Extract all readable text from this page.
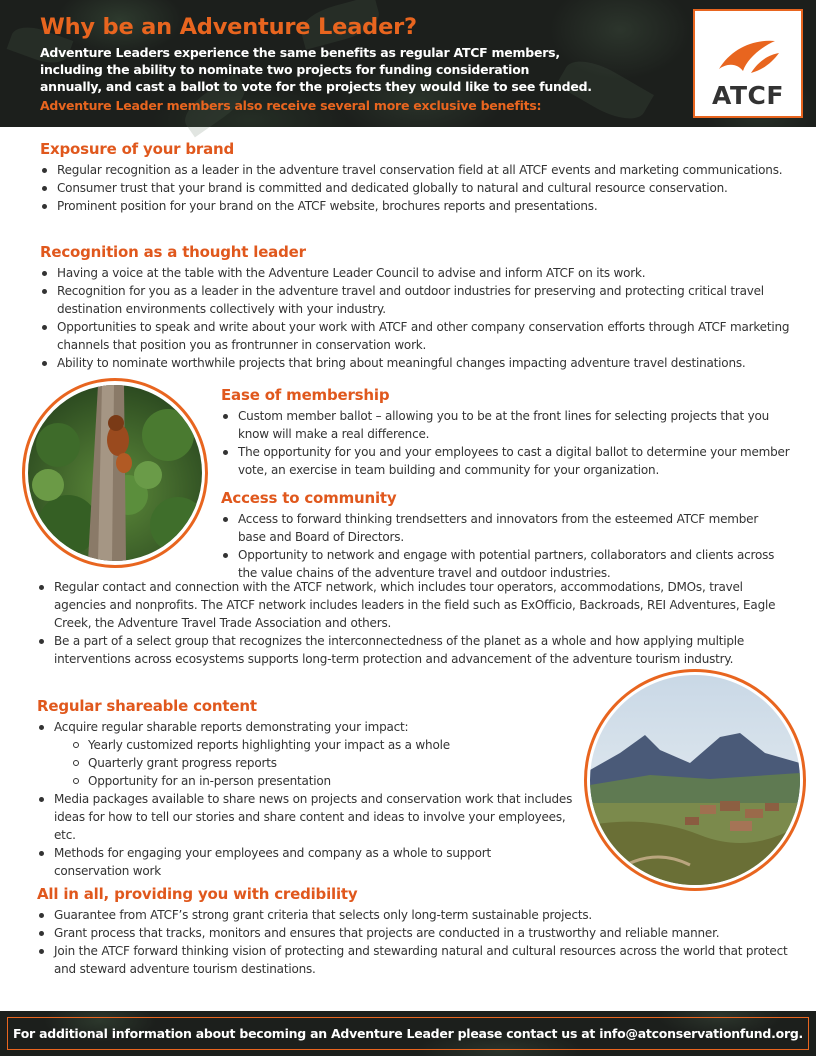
Why be an Adventure Leader?
Adventure Leaders experience the same benefits as regular ATCF members,
including the ability to nominate two projects for funding consideration
annually, and cast a ballot to vote for the projects they would like to see funded.
Adventure Leader members also receive several more exclusive benefits:	ATCF
Exposure of your brand
Regular recognition as a leader in the adventure travel conservation field at all ATCF events and marketing communications.
Consumer trust that your brand is committed and dedicated globally to natural and cultural resource conservation.
Prominent position for your brand on the ATCF website, brochures reports and presentations.
Recognition as a thought leader
Having a voice at the table with the Adventure Leader Council to advise and inform ATCF on its work.
Recognition for you as a leader in the adventure travel and outdoor industries for preserving and protecting critical travel destination environments collectively with your industry.
Opportunities to speak and write about your work with ATCF and other company conservation efforts through ATCF marketing channels that position you as frontrunner in conservation work.
Ability to nominate worthwhile projects that bring about meaningful changes impacting adventure travel destinations.
Ease of membership
Custom member ballot – allowing you to be at the front lines for selecting projects that you know will make a real difference.
The opportunity for you and your employees to cast a digital ballot to determine your member vote, an exercise in team building and community for your organization.
Access to community
Access to forward thinking trendsetters and innovators from the esteemed ATCF member base and Board of Directors.
Opportunity to network and engage with potential partners, collaborators and clients across the value chains of the adventure travel and outdoor industries.
Regular contact and connection with the ATCF network, which includes tour operators, accommodations, DMOs, travel agencies and nonprofits. The ATCF network includes leaders in the field such as ExOfficio, Backroads, REI Adventures, Eagle Creek, the Adventure Travel Trade Association and others.
Be a part of a select group that recognizes the interconnectedness of the planet as a whole and how applying multiple interventions across ecosystems supports long-term protection and advancement of the adventure tourism industry.
Regular shareable content
Acquire regular sharable reports demonstrating your impact:
Yearly customized reports highlighting your impact as a whole
Quarterly grant progress reports
Opportunity for an in-person presentation
Media packages available to share news on projects and conservation work that includes ideas for how to tell our stories and share content and ideas to involve your employees, etc.
Methods for engaging your employees and company as a whole to support conservation work
All in all, providing you with credibility
Guarantee from ATCF’s strong grant criteria that selects only long-term sustainable projects.
Grant process that tracks, monitors and ensures that projects are conducted in a trustworthy and reliable manner.
Join the ATCF forward thinking vision of protecting and stewarding natural and cultural resources across the world that protect and steward adventure tourism destinations.
For additional information about becoming an Adventure Leader please contact us at info@atconservationfund.org.
